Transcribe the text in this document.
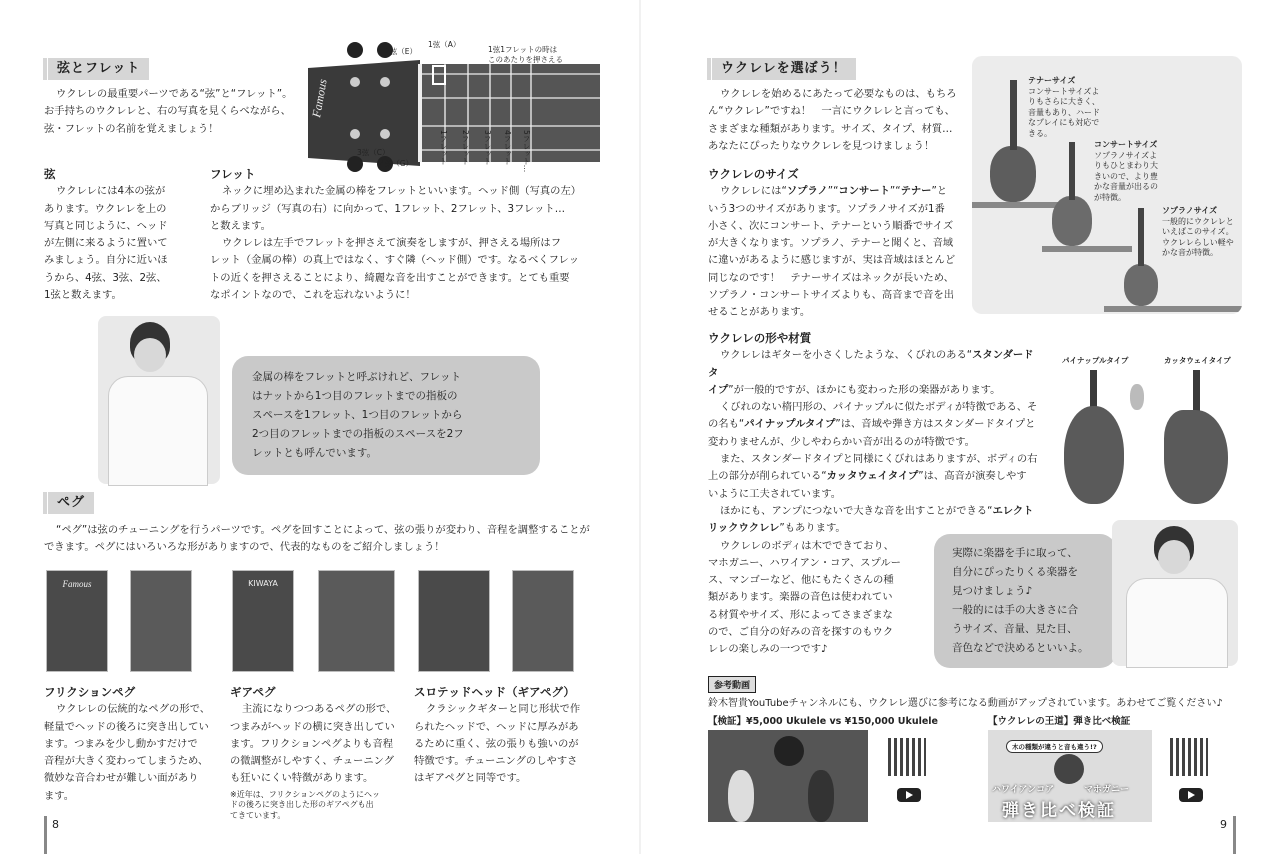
弦とフレット

ウクレレの最重要パーツである“弦”と“フレット”。

お手持ちのウクレレと、右の写真を見くらべながら、

弦・フレットの名前を覚えましょう！

Famous
2弦（E）
1弦（A）
1弦1フレットの時は
このあたりを押さえる
3弦（C）
4弦（G）	1フレット 2フレット 3フレット 4フレット 5フレット…
弦

ウクレレには4本の弦が

あります。ウクレレを上の

写真と同じように、ヘッド

が左側に来るように置いて

みましょう。自分に近いほ

うから、4弦、3弦、2弦、

1弦と数えます。

フレット

ネックに埋め込まれた金属の棒をフレットといいます。ヘッド側（写真の左）

からブリッジ（写真の右）に向かって、1フレット、2フレット、3フレット…

と数えます。

ウクレレは左手でフレットを押さえて演奏をしますが、押さえる場所はフ

レット（金属の棒）の真上ではなく、すぐ隣（ヘッド側）です。なるべくフレッ

トの近くを押さえることにより、綺麗な音を出すことができます。とても重要

なポイントなので、これを忘れないように！

金属の棒をフレットと呼ぶけれど、フレット
はナットから1つ目のフレットまでの指板の
スペースを1フレット、1つ目のフレットから
2つ目のフレットまでの指板のスペースを2フ
レットとも呼んでいます。
ペグ

“ペグ”は弦のチューニングを行うパーツです。ペグを回すことによって、弦の張りが変わり、音程を調整することが

できます。ペグにはいろいろな形がありますので、代表的なものをご紹介しましょう！

Famous	KIWAYA
フリクションペグ

ウクレレの伝統的なペグの形で、

軽量でヘッドの後ろに突き出してい

ます。つまみを少し動かすだけで

音程が大きく変わってしまうため、

微妙な音合わせが難しい面があり

ます。

ギアペグ

主流になりつつあるペグの形で、

つまみがヘッドの横に突き出してい

ます。フリクションペグよりも音程

の微調整がしやすく、チューニング

も狂いにくい特徴があります。

※近年は、フリクションペグのようにヘッ
ドの後ろに突き出した形のギアペグも出
てきています。
スロテッドヘッド（ギアペグ）

クラシックギターと同じ形状で作

られたヘッドで、ヘッドに厚みがあ

るために重く、弦の張りも強いのが

特徴です。チューニングのしやすさ

はギアペグと同等です。

8
ウクレレを選ぼう！

ウクレレを始めるにあたって必要なものは、もちろ

ん“ウクレレ”ですね！　一言にウクレレと言っても、

さまざまな種類があります。サイズ、タイプ、材質…

あなたにぴったりなウクレレを見つけましょう！

ウクレレのサイズ

ウクレレには“ソプラノ”“コンサート”“テナー”と

いう3つのサイズがあります。ソプラノサイズが1番

小さく、次にコンサート、テナーという順番でサイズ

が大きくなります。ソプラノ、テナーと聞くと、音域

に違いがあるように感じますが、実は音域はほとんど

同じなのです！　テナーサイズはネックが長いため、

ソプラノ・コンサートサイズよりも、高音まで音を出

せることがあります。

テナーサイズ
コンサートサイズよ
りもさらに大きく、
音量もあり、ハード
なプレイにも対応で
きる。
コンサートサイズ
ソプラノサイズよ
りもひとまわり大
きいので、より豊
かな音量が出るの
が特徴。
ソプラノサイズ
一般的にウクレレと
いえばこのサイズ。
ウクレレらしい軽や
かな音が特徴。
ウクレレの形や材質

ウクレレはギターを小さくしたような、くびれのある“スタンダードタ

イプ”が一般的ですが、ほかにも変わった形の楽器があります。

くびれのない楕円形の、パイナップルに似たボディが特徴である、そ

の名も“パイナップルタイプ”は、音域や弾き方はスタンダードタイプと

変わりませんが、少しやわらかい音が出るのが特徴です。

また、スタンダードタイプと同様にくびれはありますが、ボディの右

上の部分が削られている“カッタウェイタイプ”は、高音が演奏しやす

いように工夫されています。

ほかにも、アンプにつないで大きな音を出すことができる“エレクト

リックウクレレ”もあります。

ウクレレのボディは木でできており、

マホガニー、ハワイアン・コア、スプルー

ス、マンゴーなど、他にもたくさんの種

類があります。楽器の音色は使われてい

る材質やサイズ、形によってさまざまな

ので、ご自分の好みの音を探すのもウク

レレの楽しみの一つです♪

パイナップルタイプ	カッタウェイタイプ
実際に楽器を手に取って、
自分にぴったりくる楽器を
見つけましょう♪
一般的には手の大きさに合
うサイズ、音量、見た目、
音色などで決めるといいよ。
参考動画
鈴木智貴YouTubeチャンネルにも、ウクレレ選びに参考になる動画がアップされています。あわせてご覧ください♪
【検証】¥5,000 Ukulele vs ¥150,000 Ukulele	【ウクレレの王道】弾き比べ検証
木の種類が違うと音も違う!?
ハワイアンコア	マホガニー
弾き比べ検証
9
